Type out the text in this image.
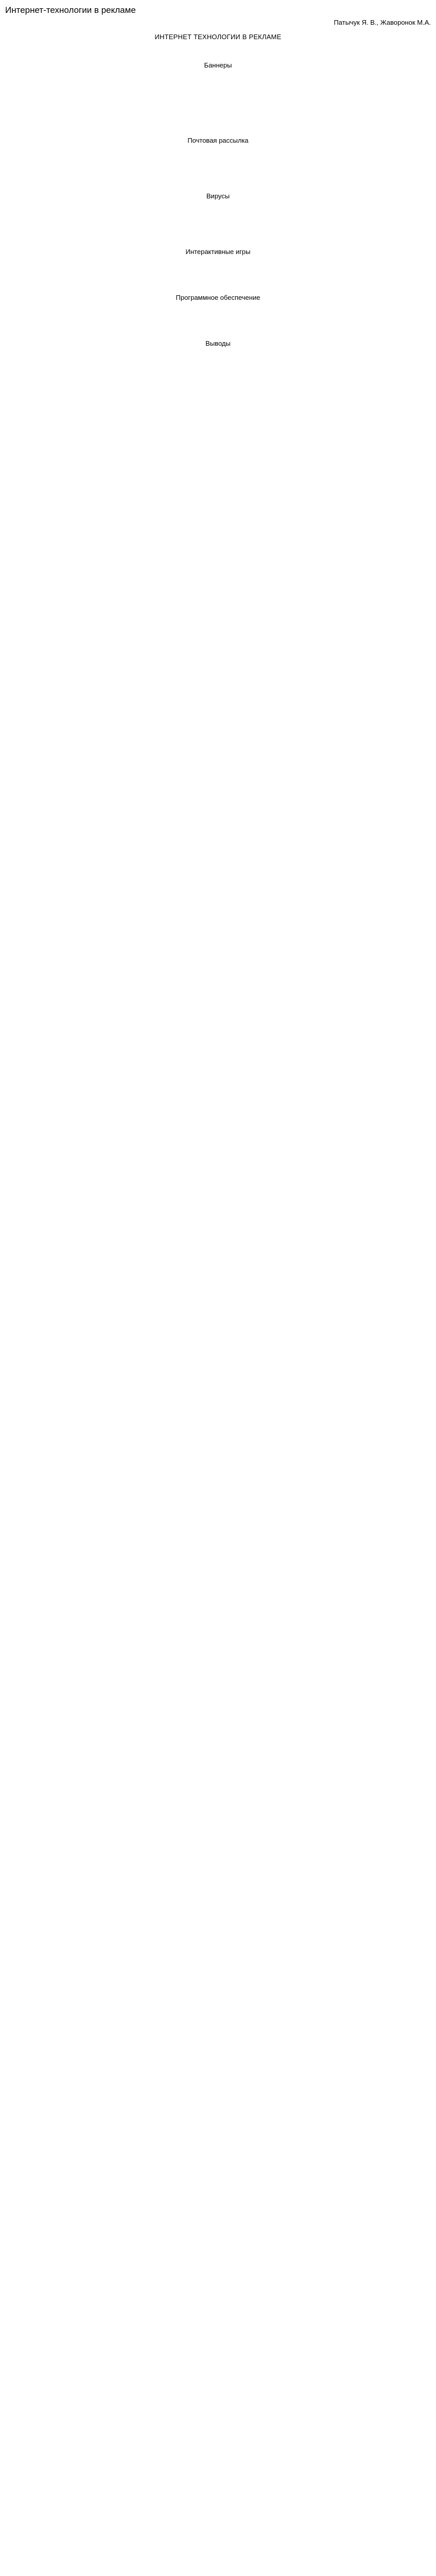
Интернет-технологии в рекламе
Патычук Я. В., Жаворонок М.А.
ИНТЕРНЕТ ТЕХНОЛОГИИ В РЕКЛАМЕ

Баннеры

Почтовая рассылка

Вирусы

Интерактивные игры

Программное обеспечение

Выводы
